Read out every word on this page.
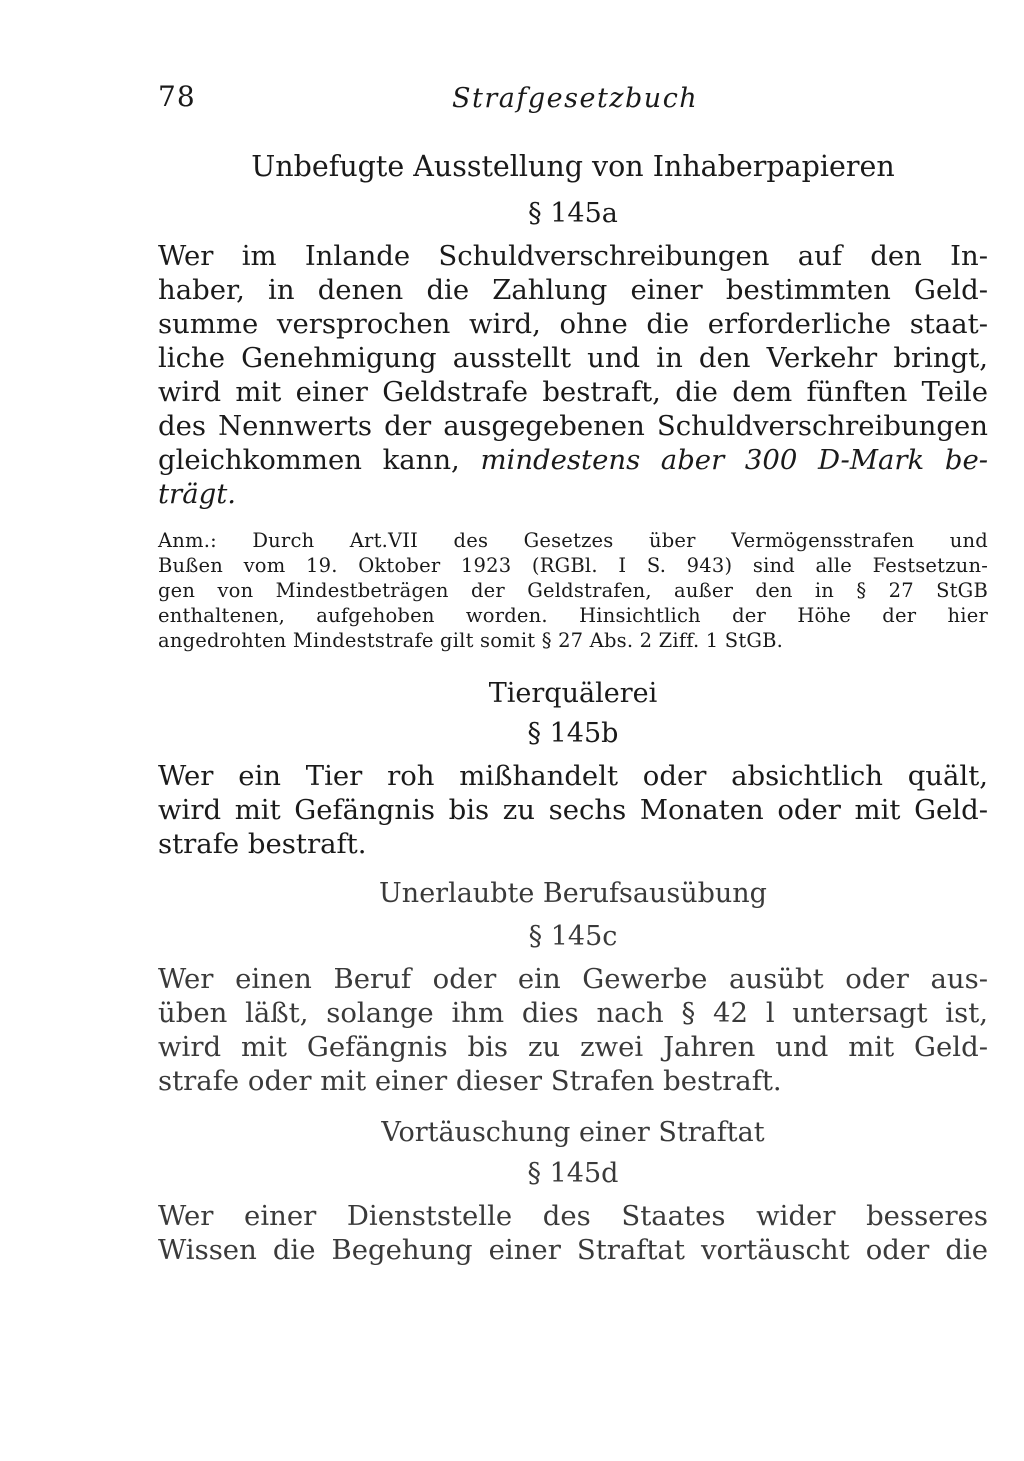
78	Strafgesetzbuch
Unbefugte Ausstellung von Inhaberpapieren
§ 145a
Wer im Inlande Schuldverschreibungen auf den In-
haber, in denen die Zahlung einer bestimmten Geld-
summe versprochen wird, ohne die erforderliche staat-
liche Genehmigung ausstellt und in den Verkehr bringt,
wird mit einer Geldstrafe bestraft, die dem fünften Teile
des Nennwerts der ausgegebenen Schuldverschreibungen
gleichkommen kann, mindestens aber 300 D-Mark be-
trägt.
Anm.: Durch Art.VII des Gesetzes über Vermögensstrafen und
Bußen vom 19. Oktober 1923 (RGBl. I S. 943) sind alle Festsetzun-
gen von Mindestbeträgen der Geldstrafen, außer den in § 27 StGB
enthaltenen, aufgehoben worden. Hinsichtlich der Höhe der hier
angedrohten Mindeststrafe gilt somit § 27 Abs. 2 Ziff. 1 StGB.
Tierquälerei
§ 145b
Wer ein Tier roh mißhandelt oder absichtlich quält,
wird mit Gefängnis bis zu sechs Monaten oder mit Geld-
strafe bestraft.
Unerlaubte Berufsausübung
§ 145c
Wer einen Beruf oder ein Gewerbe ausübt oder aus-
üben läßt, solange ihm dies nach § 42 l untersagt ist,
wird mit Gefängnis bis zu zwei Jahren und mit Geld-
strafe oder mit einer dieser Strafen bestraft.
Vortäuschung einer Straftat
§ 145d
Wer einer Dienststelle des Staates wider besseres
Wissen die Begehung einer Straftat vortäuscht oder die
